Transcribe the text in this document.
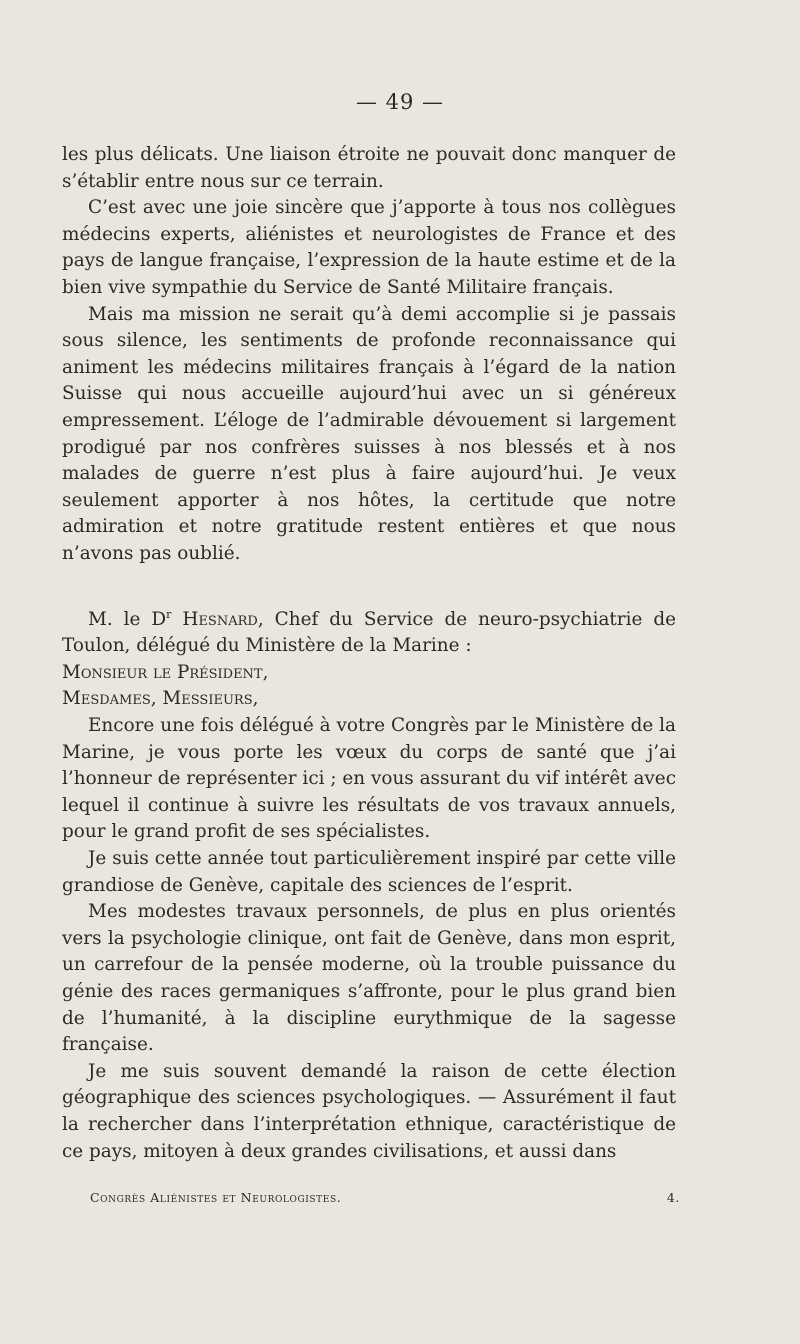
— 49 —

les plus délicats. Une liaison étroite ne pouvait donc manquer de s’établir entre nous sur ce terrain.

C’est avec une joie sincère que j’apporte à tous nos collègues médecins experts, aliénistes et neurologistes de France et des pays de langue française, l’expression de la haute estime et de la bien vive sympathie du Service de Santé Militaire français.

Mais ma mission ne serait qu’à demi accomplie si je passais sous silence, les sentiments de profonde reconnaissance qui animent les médecins militaires français à l’égard de la nation Suisse qui nous accueille aujourd’hui avec un si généreux empressement. L’éloge de l’admirable dévouement si largement prodigué par nos confrères suisses à nos blessés et à nos malades de guerre n’est plus à faire aujourd’hui. Je veux seulement apporter à nos hôtes, la certitude que notre admiration et notre gratitude restent entières et que nous n’avons pas oublié.

M. le $D^r$ Hesnard, Chef du Service de neuro-psychiatrie de Toulon, délégué du Ministère de la Marine :

Monsieur le Président,

Mesdames, Messieurs,

Encore une fois délégué à votre Congrès par le Ministère de la Marine, je vous porte les vœux du corps de santé que j’ai l’honneur de représenter ici ; en vous assurant du vif intérêt avec lequel il continue à suivre les résultats de vos travaux annuels, pour le grand profit de ses spécialistes.

Je suis cette année tout particulièrement inspiré par cette ville grandiose de Genève, capitale des sciences de l’esprit.

Mes modestes travaux personnels, de plus en plus orientés vers la psychologie clinique, ont fait de Genève, dans mon esprit, un carrefour de la pensée moderne, où la trouble puissance du génie des races germaniques s’affronte, pour le plus grand bien de l’humanité, à la discipline eurythmique de la sagesse française.

Je me suis souvent demandé la raison de cette élection géographique des sciences psychologiques. — Assurément il faut la rechercher dans l’interprétation ethnique, caractéristique de ce pays, mitoyen à deux grandes civilisations, et aussi dans

Congrès Aliénistes et Neurologistes.	4.
